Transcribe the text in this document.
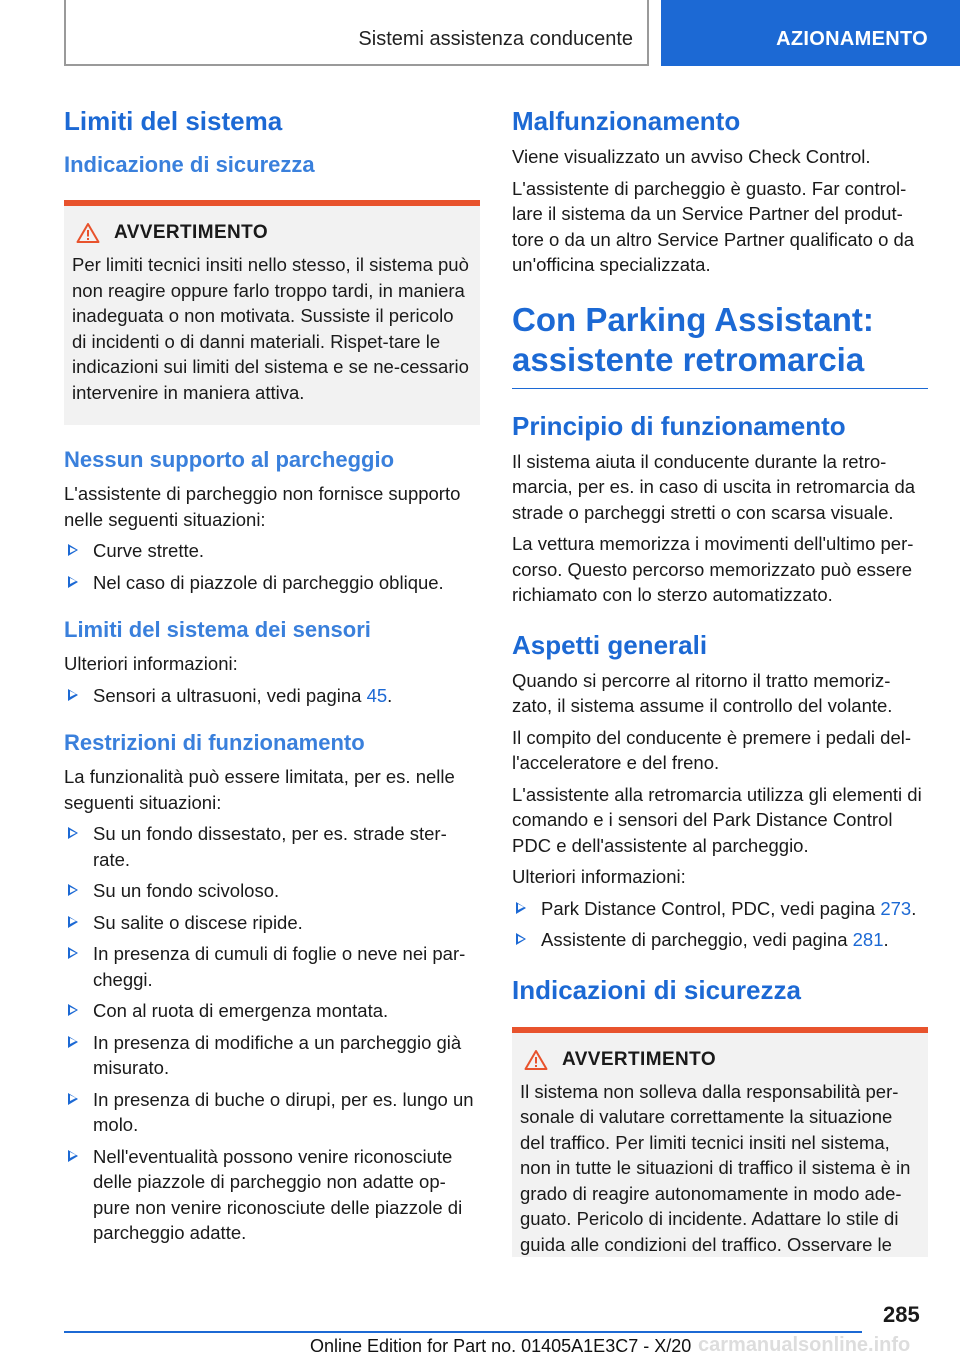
Sistemi assistenza conducente	AZIONAMENTO
Limiti del sistema
Indicazione di sicurezza
AVVERTIMENTO

Per limiti tecnici insiti nello stesso, il sistema può non reagire oppure farlo troppo tardi, in maniera inadeguata o non motivata. Sussiste il pericolo di incidenti o di danni materiali. Rispet-tare le indicazioni sui limiti del sistema e se ne-cessario intervenire in maniera attiva.

Nessun supporto al parcheggio

L'assistente di parcheggio non fornisce supporto nelle seguenti situazioni:

Curve strette.
Nel caso di piazzole di parcheggio oblique.
Limiti del sistema dei sensori

Ulteriori informazioni:

Sensori a ultrasuoni, vedi pagina 45.
Restrizioni di funzionamento

La funzionalità può essere limitata, per es. nelle seguenti situazioni:

Su un fondo dissestato, per es. strade ster-rate.
Su un fondo scivoloso.
Su salite o discese ripide.
In presenza di cumuli di foglie o neve nei par-cheggi.
Con al ruota di emergenza montata.
In presenza di modifiche a un parcheggio già misurato.
In presenza di buche o dirupi, per es. lungo un molo.
Nell'eventualità possono venire riconosciute delle piazzole di parcheggio non adatte op-pure non venire riconosciute delle piazzole di parcheggio adatte.
Malfunzionamento

Viene visualizzato un avviso Check Control.

L'assistente di parcheggio è guasto. Far control-lare il sistema da un Service Partner del produt-tore o da un altro Service Partner qualificato o da un'officina specializzata.

Con Parking Assistant:
assistente retromarcia
Principio di funzionamento

Il sistema aiuta il conducente durante la retro-marcia, per es. in caso di uscita in retromarcia da strade o parcheggi stretti o con scarsa visuale.

La vettura memorizza i movimenti dell'ultimo per-corso. Questo percorso memorizzato può essere richiamato con lo sterzo automatizzato.

Aspetti generali

Quando si percorre al ritorno il tratto memoriz-zato, il sistema assume il controllo del volante.

Il compito del conducente è premere i pedali del-l'acceleratore e del freno.

L'assistente alla retromarcia utilizza gli elementi di comando e i sensori del Park Distance Control PDC e dell'assistente al parcheggio.

Ulteriori informazioni:

Park Distance Control, PDC, vedi pagina 273.
Assistente di parcheggio, vedi pagina 281.
Indicazioni di sicurezza
AVVERTIMENTO

Il sistema non solleva dalla responsabilità per-sonale di valutare correttamente la situazione del traffico. Per limiti tecnici insiti nel sistema, non in tutte le situazioni di traffico il sistema è in grado di reagire autonomamente in modo ade-guato. Pericolo di incidente. Adattare lo stile di guida alle condizioni del traffico. Osservare le

285
carmanualsonline.info
Online Edition for Part no. 01405A1E3C7 - X/20
